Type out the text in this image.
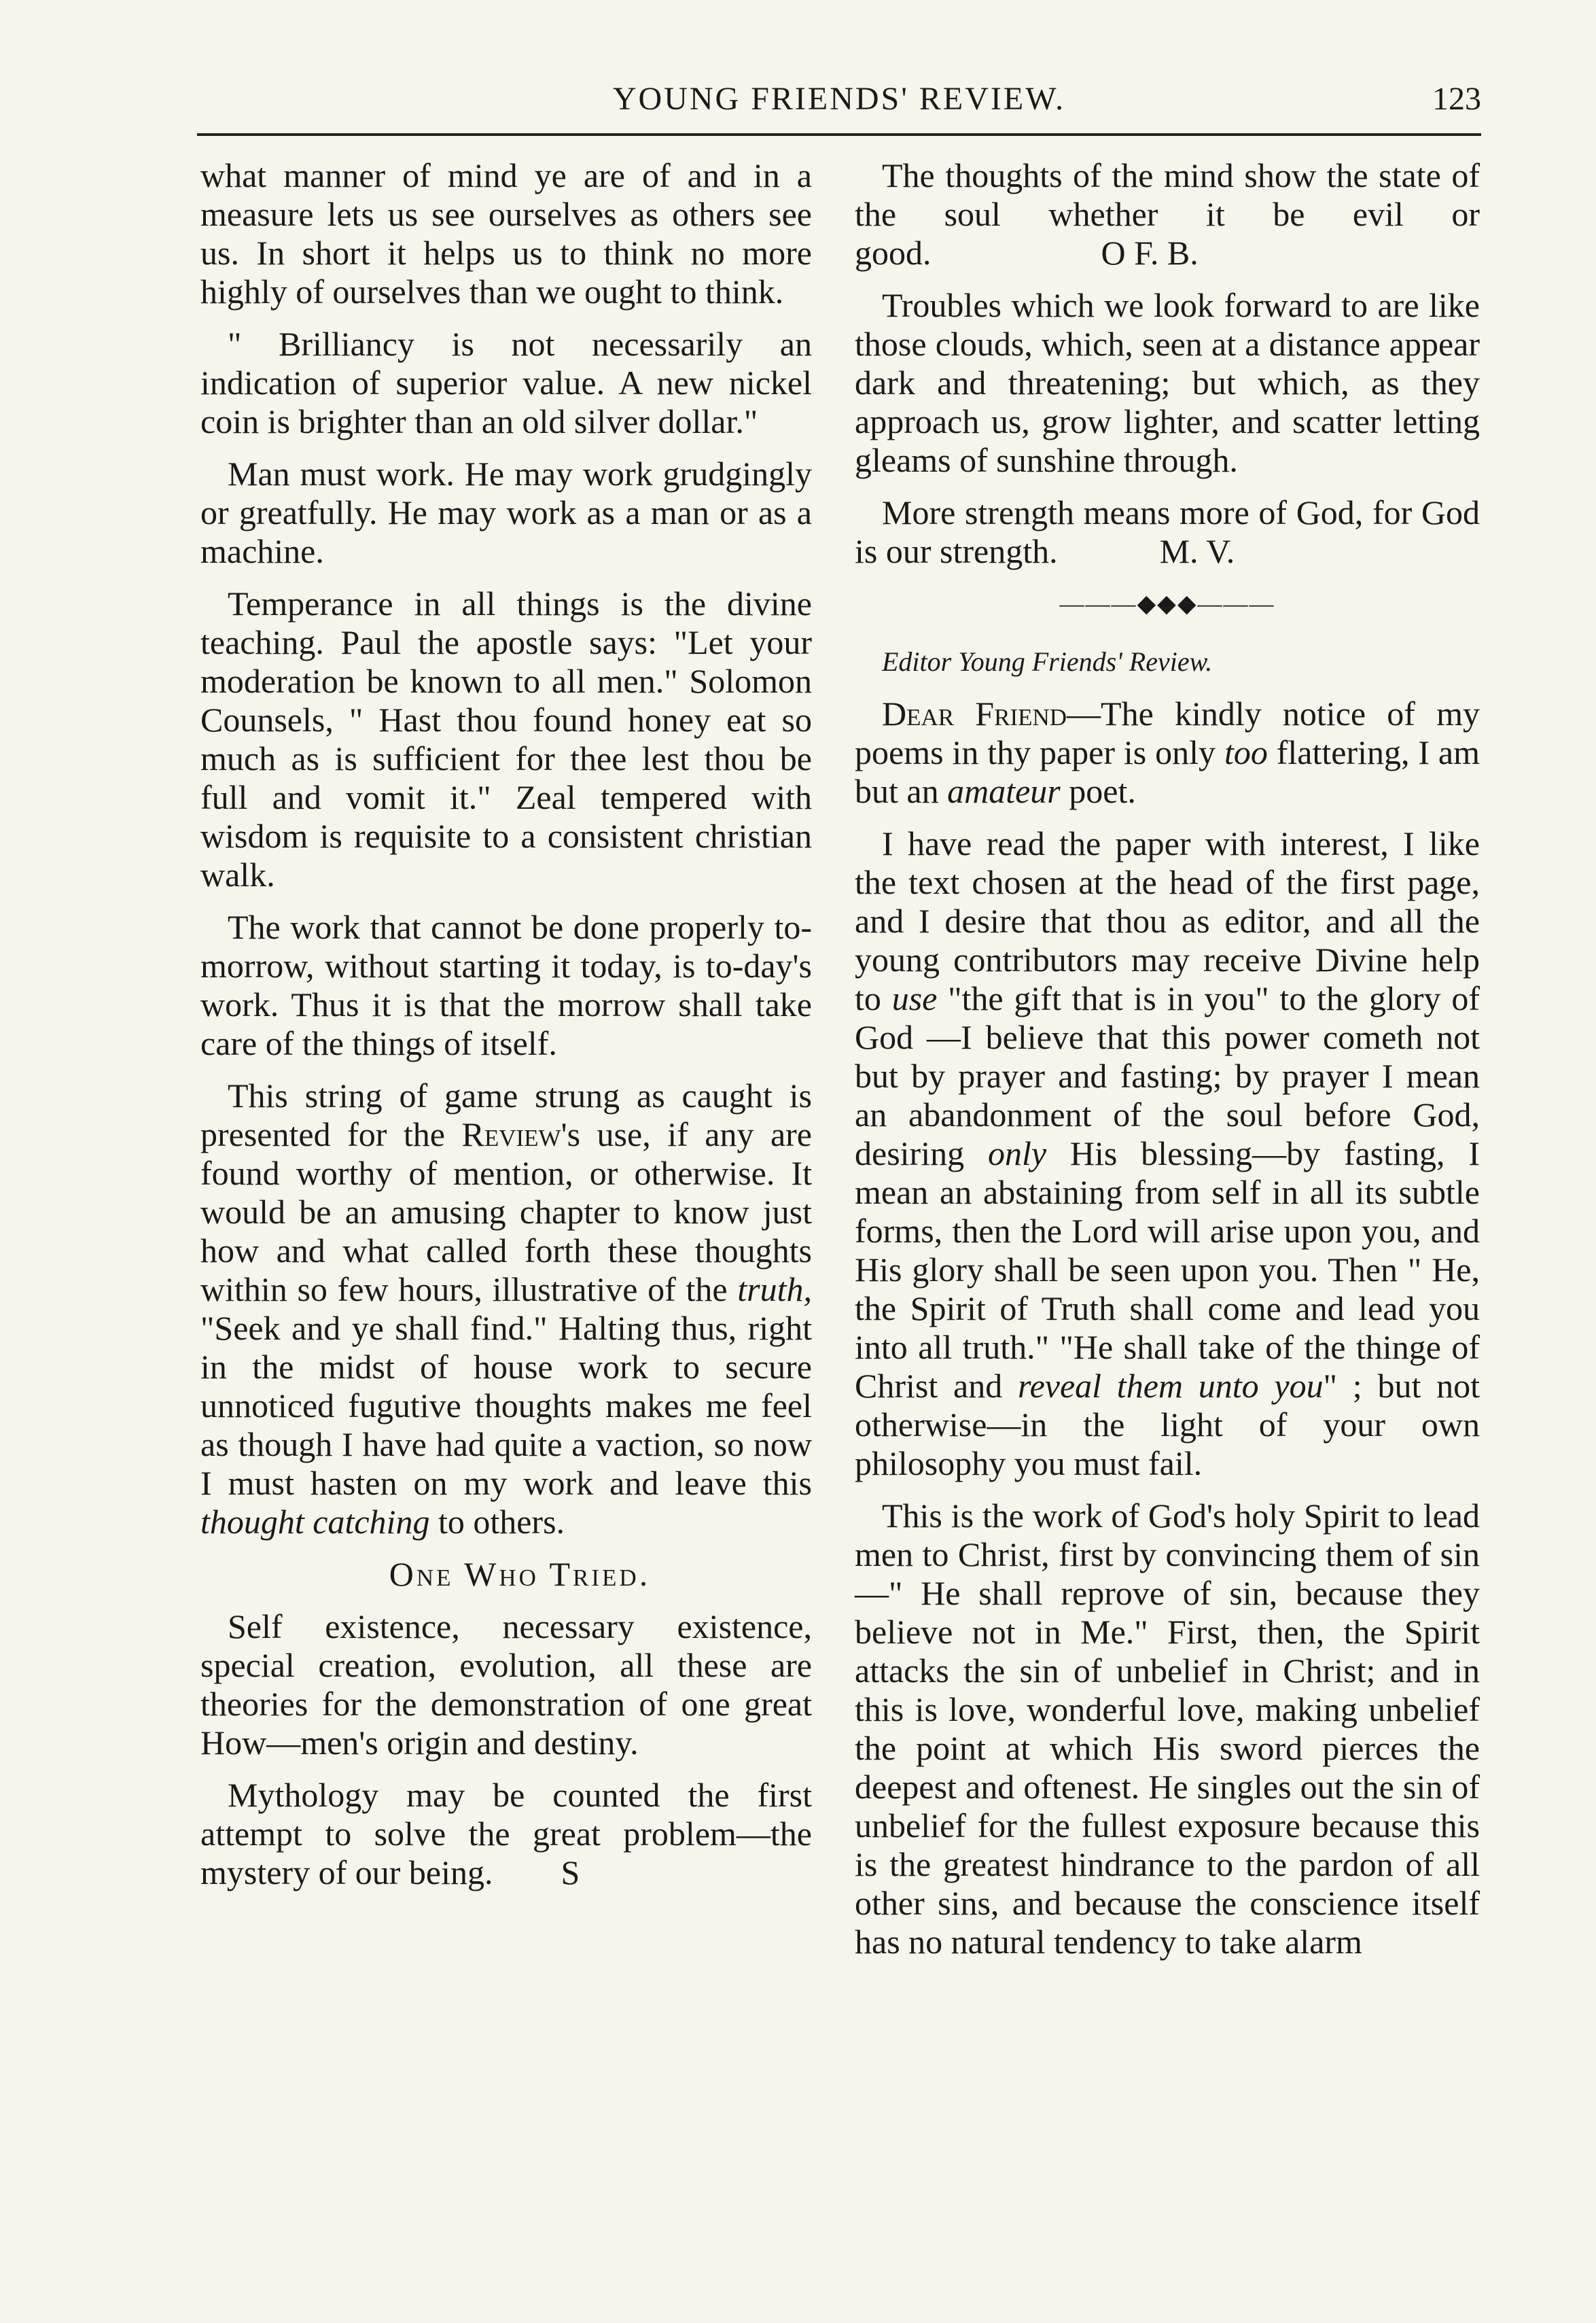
YOUNG FRIENDS' REVIEW.	123

what manner of mind ye are of and in a measure lets us see ourselves as others see us. In short it helps us to think no more highly of ourselves than we ought to think.

" Brilliancy is not necessarily an indication of superior value. A new nickel coin is brighter than an old silver dollar."

Man must work. He may work grudgingly or greatfully. He may work as a man or as a machine.

Temperance in all things is the divine teaching. Paul the apostle says: "Let your moderation be known to all men." Solomon Counsels, " Hast thou found honey eat so much as is sufficient for thee lest thou be full and vomit it." Zeal tempered with wisdom is requisite to a consistent christian walk.

The work that cannot be done properly to-morrow, without starting it today, is to-day's work. Thus it is that the morrow shall take care of the things of itself.

This string of game strung as caught is presented for the Review's use, if any are found worthy of mention, or otherwise. It would be an amusing chapter to know just how and what called forth these thoughts within so few hours, illustrative of the truth, "Seek and ye shall find." Halting thus, right in the midst of house work to secure unnoticed fugutive thoughts makes me feel as though I have had quite a vaction, so now I must hasten on my work and leave this thought catching to others.

One Who Tried.

Self existence, necessary existence, special creation, evolution, all these are theories for the demonstration of one great How—men's origin and destiny.

Mythology may be counted the first attempt to solve the great problem—the mystery of our being. S

The thoughts of the mind show the state of the soul whether it be evil or good.	O F. B.

Troubles which we look forward to are like those clouds, which, seen at a distance appear dark and threatening; but which, as they approach us, grow lighter, and scatter letting gleams of sunshine through.

More strength means more of God, for God is our strength.	M. V.

———◆◆◆———

Editor Young Friends' Review.

Dear Friend—The kindly notice of my poems in thy paper is only too flattering, I am but an amateur poet.

I have read the paper with interest, I like the text chosen at the head of the first page, and I desire that thou as editor, and all the young contributors may receive Divine help to use "the gift that is in you" to the glory of God —I believe that this power cometh not but by prayer and fasting; by prayer I mean an abandonment of the soul before God, desiring only His blessing—by fasting, I mean an abstaining from self in all its subtle forms, then the Lord will arise upon you, and His glory shall be seen upon you. Then " He, the Spirit of Truth shall come and lead you into all truth." "He shall take of the thinge of Christ and reveal them unto you" ; but not otherwise—in the light of your own philosophy you must fail.

This is the work of God's holy Spirit to lead men to Christ, first by convincing them of sin—" He shall reprove of sin, because they believe not in Me." First, then, the Spirit attacks the sin of unbelief in Christ; and in this is love, wonderful love, making unbelief the point at which His sword pierces the deepest and oftenest. He singles out the sin of unbelief for the fullest exposure because this is the greatest hindrance to the pardon of all other sins, and because the conscience itself has no natural tendency to take alarm
